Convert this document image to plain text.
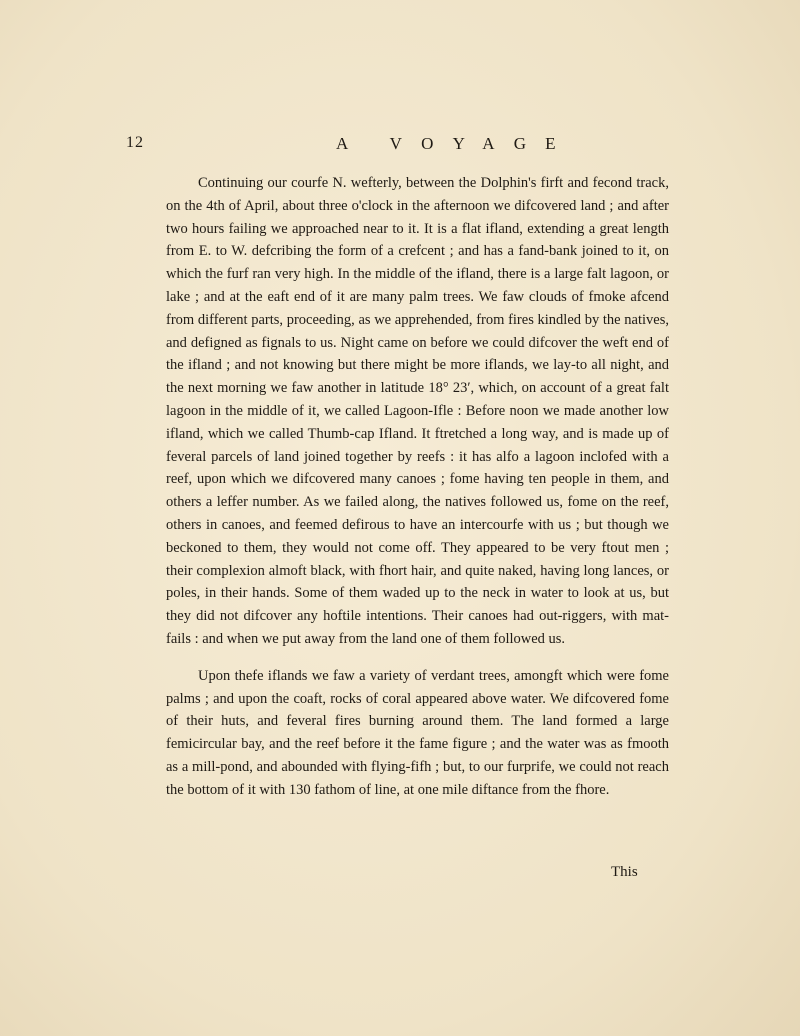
12	A VOYAGE

Continuing our courfe N. wefterly, between the Dolphin's firft and fecond track, on the 4th of April, about three o'clock in the afternoon we difcovered land ; and after two hours failing we approached near to it. It is a flat ifland, extending a great length from E. to W. defcribing the form of a crefcent ; and has a fand-bank joined to it, on which the furf ran very high. In the middle of the ifland, there is a large falt lagoon, or lake ; and at the eaft end of it are many palm trees. We faw clouds of fmoke afcend from different parts, proceeding, as we apprehended, from fires kindled by the natives, and defigned as fignals to us. Night came on before we could difcover the weft end of the ifland ; and not knowing but there might be more iflands, we lay-to all night, and the next morning we faw another in latitude 18° 23′, which, on account of a great falt lagoon in the middle of it, we called Lagoon-Ifle : Before noon we made another low ifland, which we called Thumb-cap Ifland. It ftretched a long way, and is made up of feveral parcels of land joined together by reefs : it has alfo a lagoon inclofed with a reef, upon which we difcovered many canoes ; fome having ten people in them, and others a leffer number. As we failed along, the natives followed us, fome on the reef, others in canoes, and feemed defirous to have an intercourfe with us ; but though we beckoned to them, they would not come off. They appeared to be very ftout men ; their complexion almoft black, with fhort hair, and quite naked, having long lances, or poles, in their hands. Some of them waded up to the neck in water to look at us, but they did not difcover any hoftile intentions. Their canoes had out-riggers, with mat-fails : and when we put away from the land one of them followed us.

Upon thefe iflands we faw a variety of verdant trees, amongft which were fome palms ; and upon the coaft, rocks of coral appeared above water. We difcovered fome of their huts, and feveral fires burning around them. The land formed a large femicircular bay, and the reef before it the fame figure ; and the water was as fmooth as a mill-pond, and abounded with flying-fifh ; but, to our furprife, we could not reach the bottom of it with 130 fathom of line, at one mile diftance from the fhore.

This
